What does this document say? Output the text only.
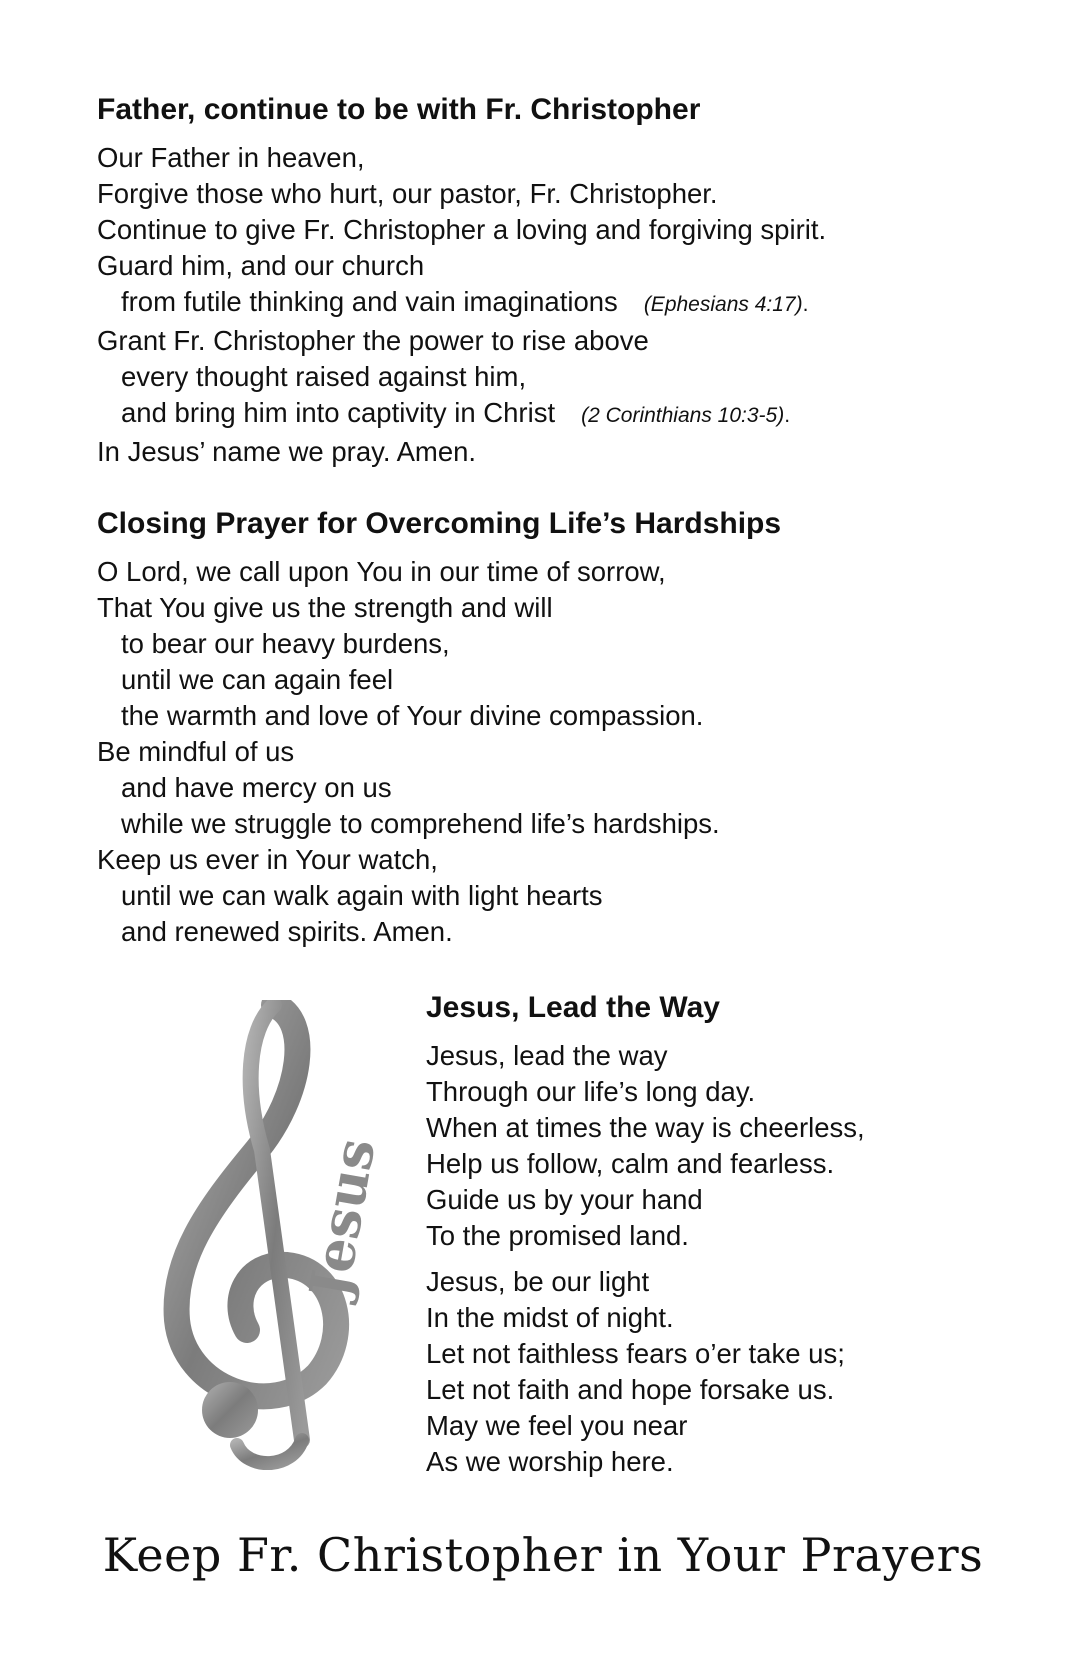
Father, continue to be with Fr. Christopher
Our Father in heaven,
Forgive those who hurt, our pastor, Fr. Christopher.
Continue to give Fr. Christopher a loving and forgiving spirit.
Guard him, and our church
from futile thinking and vain imaginations (Ephesians 4:17).
Grant Fr. Christopher the power to rise above
every thought raised against him,
and bring him into captivity in Christ (2 Corinthians 10:3-5).
In Jesus’ name we pray. Amen.
Closing Prayer for Overcoming Life’s Hardships
O Lord, we call upon You in our time of sorrow,
That You give us the strength and will
to bear our heavy burdens,
until we can again feel
the warmth and love of Your divine compassion.
Be mindful of us
and have mercy on us
while we struggle to comprehend life’s hardships.
Keep us ever in Your watch,
until we can walk again with light hearts
and renewed spirits. Amen.
Jesus
Jesus, Lead the Way
Jesus, lead the way
Through our life’s long day.
When at times the way is cheerless,
Help us follow, calm and fearless.
Guide us by your hand
To the promised land.
Jesus, be our light
In the midst of night.
Let not faithless fears o’er take us;
Let not faith and hope forsake us.
May we feel you near
As we worship here.
Keep Fr. Christopher in Your Prayers
